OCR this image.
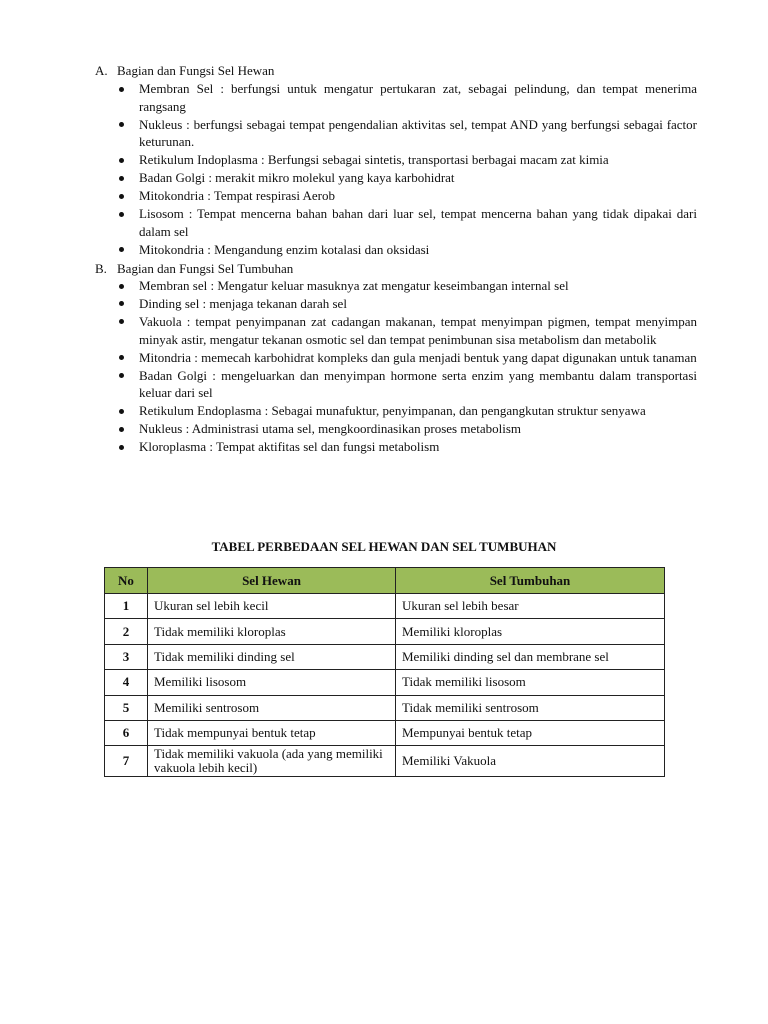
A. Bagian dan Fungsi Sel Hewan
Membran Sel : berfungsi untuk mengatur pertukaran zat, sebagai pelindung, dan tempat menerima rangsang
Nukleus : berfungsi sebagai tempat pengendalian aktivitas sel, tempat AND yang berfungsi sebagai factor keturunan.
Retikulum Indoplasma : Berfungsi sebagai sintetis, transportasi berbagai macam zat kimia
Badan Golgi : merakit mikro molekul yang kaya karbohidrat
Mitokondria : Tempat respirasi Aerob
Lisosom : Tempat mencerna bahan bahan dari luar sel, tempat mencerna bahan yang tidak dipakai dari dalam sel
Mitokondria : Mengandung enzim kotalasi dan oksidasi
B. Bagian dan Fungsi Sel Tumbuhan
Membran sel : Mengatur keluar masuknya zat mengatur keseimbangan internal sel
Dinding sel : menjaga tekanan darah sel
Vakuola : tempat penyimpanan zat cadangan makanan, tempat menyimpan pigmen, tempat menyimpan minyak astir, mengatur tekanan osmotic sel dan tempat penimbunan sisa metabolism dan metabolik
Mitondria : memecah karbohidrat kompleks dan gula menjadi bentuk yang dapat digunakan untuk tanaman
Badan Golgi : mengeluarkan dan menyimpan hormone serta enzim yang membantu dalam transportasi keluar dari sel
Retikulum Endoplasma : Sebagai munafuktur, penyimpanan, dan pengangkutan struktur senyawa
Nukleus : Administrasi utama sel, mengkoordinasikan proses metabolism
Kloroplasma : Tempat aktifitas sel dan fungsi metabolism
TABEL PERBEDAAN SEL HEWAN DAN SEL TUMBUHAN
No	Sel Hewan	Sel Tumbuhan
1	Ukuran sel lebih kecil	Ukuran sel lebih besar
2	Tidak memiliki kloroplas	Memiliki kloroplas
3	Tidak memiliki dinding sel	Memiliki dinding sel dan membrane sel
4	Memiliki lisosom	Tidak memiliki lisosom
5	Memiliki sentrosom	Tidak memiliki sentrosom
6	Tidak mempunyai bentuk tetap	Mempunyai bentuk tetap
7	Tidak memiliki vakuola (ada yang memiliki vakuola lebih kecil)	Memiliki Vakuola
